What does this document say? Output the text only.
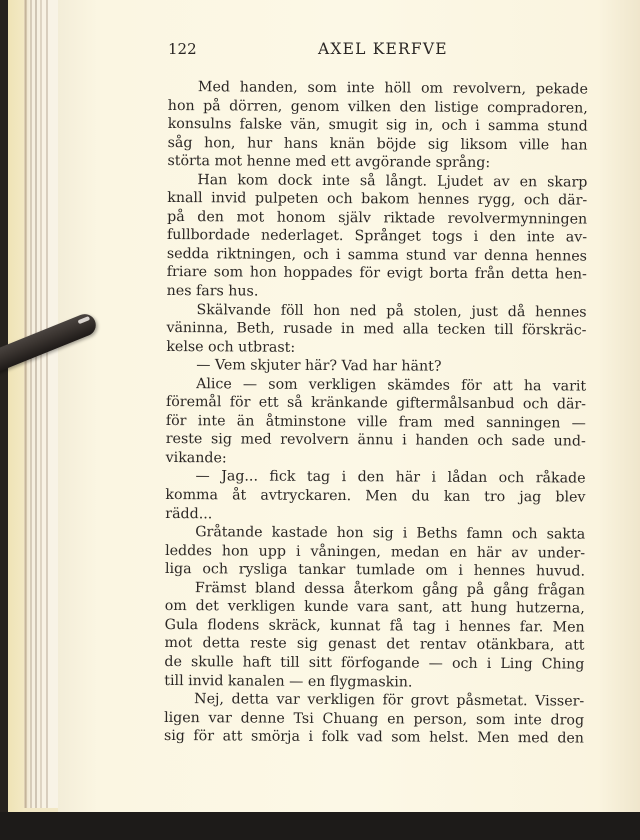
122	AXEL KERFVE
Med handen, som inte höll om revolvern, pekade
hon på dörren, genom vilken den listige compradoren,
konsulns falske vän, smugit sig in, och i samma stund
såg hon, hur hans knän böjde sig liksom ville han
störta mot henne med ett avgörande språng:
Han kom dock inte så långt. Ljudet av en skarp
knall invid pulpeten och bakom hennes rygg, och där-
på den mot honom själv riktade revolvermynningen
fullbordade nederlaget. Språnget togs i den inte av-
sedda riktningen, och i samma stund var denna hennes
friare som hon hoppades för evigt borta från detta hen-
nes fars hus.
Skälvande föll hon ned på stolen, just då hennes
väninna, Beth, rusade in med alla tecken till förskräc-
kelse och utbrast:
— Vem skjuter här? Vad har hänt?
Alice — som verkligen skämdes för att ha varit
föremål för ett så kränkande giftermålsanbud och där-
för inte än åtminstone ville fram med sanningen —
reste sig med revolvern ännu i handen och sade und-
vikande:
— Jag... fick tag i den här i lådan och råkade
komma åt avtryckaren. Men du kan tro jag blev
rädd...
Gråtande kastade hon sig i Beths famn och sakta
leddes hon upp i våningen, medan en här av under-
liga och rysliga tankar tumlade om i hennes huvud.
Främst bland dessa återkom gång på gång frågan
om det verkligen kunde vara sant, att hung hutzerna,
Gula flodens skräck, kunnat få tag i hennes far. Men
mot detta reste sig genast det rentav otänkbara, att
de skulle haft till sitt förfogande — och i Ling Ching
till invid kanalen — en flygmaskin.
Nej, detta var verkligen för grovt påsmetat. Visser-
ligen var denne Tsi Chuang en person, som inte drog
sig för att smörja i folk vad som helst. Men med den
